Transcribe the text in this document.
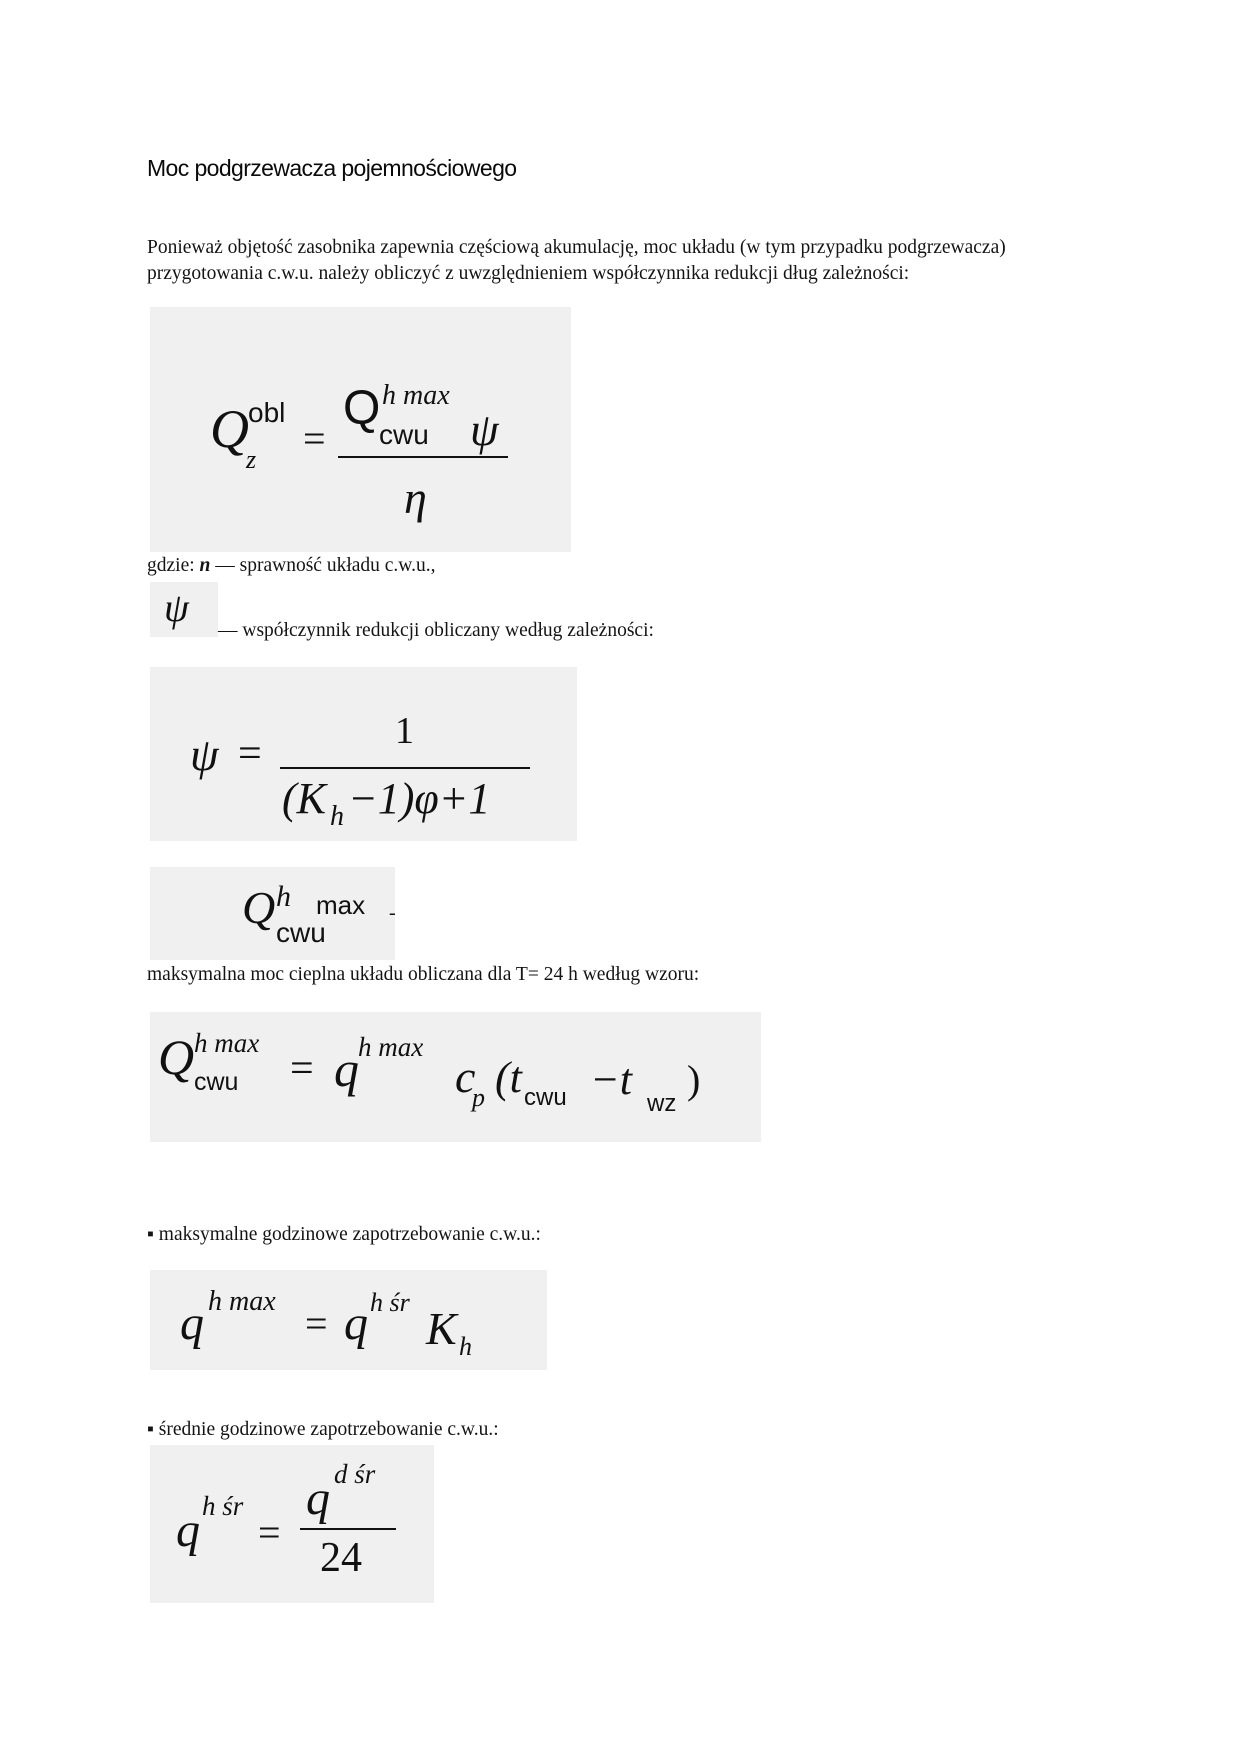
Moc podgrzewacza pojemnościowego
Ponieważ objętość zasobnika zapewnia częściową akumulację, moc układu (w tym przypadku podgrzewacza)
przygotowania c.w.u. należy obliczyć z uwzględnieniem współczynnika redukcji dług zależności:
Q obl
z =
Q h max
cwu ψ
η
gdzie: n — sprawność układu c.w.u.,
ψ
— współczynnik redukcji obliczany według zależności:
ψ =	1
(K h −1)φ+1
Q h max
cwu
-
maksymalna moc cieplna układu obliczana dla T= 24 h według wzoru:
Q h max
cwu = q h max
c
p (t cwu −t wz
)
▪ maksymalne godzinowe zapotrzebowanie c.w.u.:
q h max = q h śr
K h
▪ średnie godzinowe zapotrzebowanie c.w.u.:
q h śr
=
q d śr
24
